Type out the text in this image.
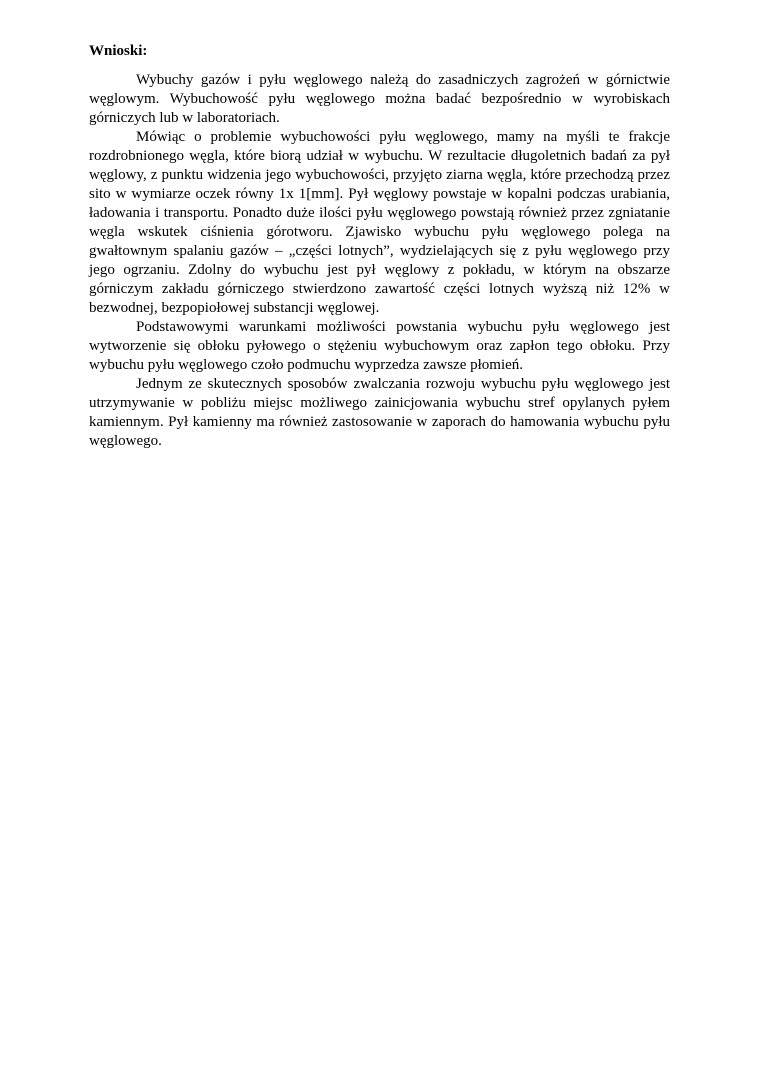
Wnioski:

Wybuchy gazów i pyłu węglowego należą do zasadniczych zagrożeń w górnictwie węglowym. Wybuchowość pyłu węglowego można badać bezpośrednio w wyrobiskach górniczych lub w laboratoriach.

Mówiąc o problemie wybuchowości pyłu węglowego, mamy na myśli te frakcje rozdrobnionego węgla, które biorą udział w wybuchu. W rezultacie długoletnich badań za pył węglowy, z punktu widzenia jego wybuchowości, przyjęto ziarna węgla, które przechodzą przez sito w wymiarze oczek równy 1x 1[mm]. Pył węglowy powstaje w kopalni podczas urabiania, ładowania i transportu. Ponadto duże ilości pyłu węglowego powstają również przez zgniatanie węgla wskutek ciśnienia górotworu. Zjawisko wybuchu pyłu węglowego polega na gwałtownym spalaniu gazów – „części lotnych”, wydzielających się z pyłu węglowego przy jego ogrzaniu. Zdolny do wybuchu jest pył węglowy z pokładu, w którym na obszarze górniczym zakładu górniczego stwierdzono zawartość części lotnych wyższą niż 12% w bezwodnej, bezpopiołowej substancji węglowej.

Podstawowymi warunkami możliwości powstania wybuchu pyłu węglowego jest wytworzenie się obłoku pyłowego o stężeniu wybuchowym oraz zapłon tego obłoku. Przy wybuchu pyłu węglowego czoło podmuchu wyprzedza zawsze płomień.

Jednym ze skutecznych sposobów zwalczania rozwoju wybuchu pyłu węglowego jest utrzymywanie w pobliżu miejsc możliwego zainicjowania wybuchu stref opylanych pyłem kamiennym. Pył kamienny ma również zastosowanie w zaporach do hamowania wybuchu pyłu węglowego.
